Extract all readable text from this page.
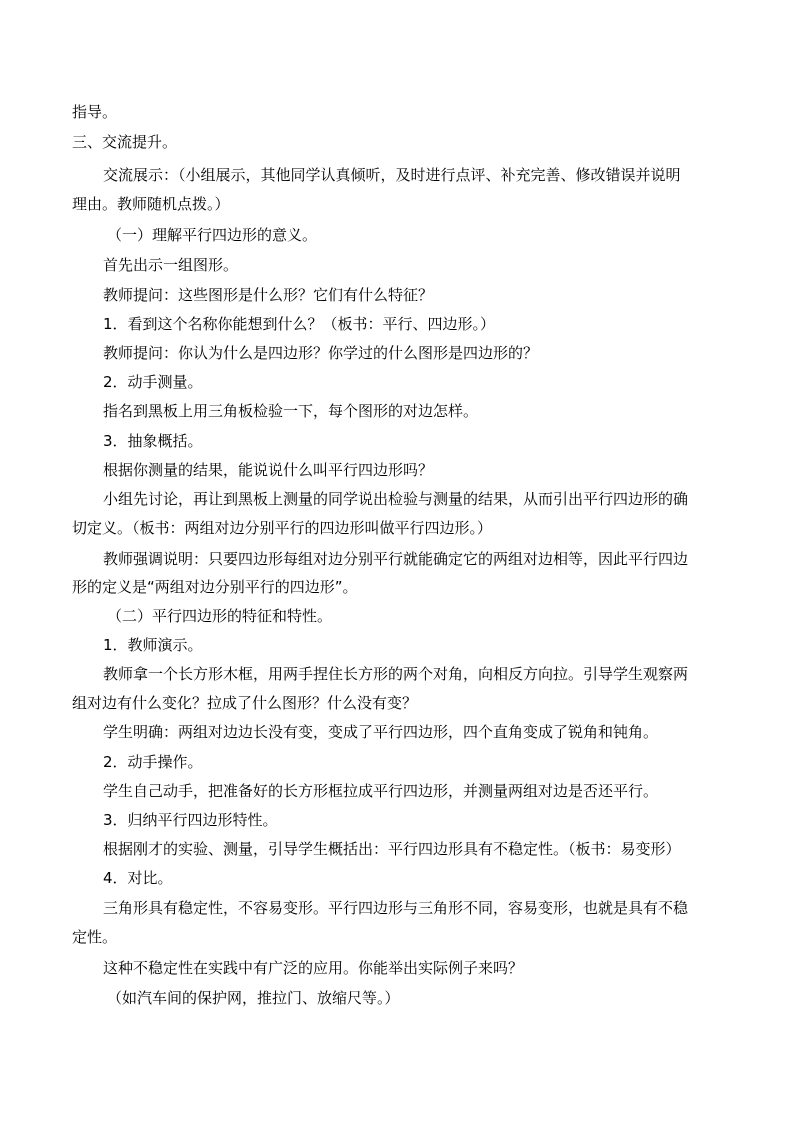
指导。
三、交流提升。
交流展示：（小组展示，其他同学认真倾听，及时进行点评、补充完善、修改错误并说明
理由。教师随机点拨。）
（一）理解平行四边形的意义。
首先出示一组图形。
教师提问：这些图形是什么形？它们有什么特征？
1．看到这个名称你能想到什么？（板书：平行、四边形。）
教师提问：你认为什么是四边形？你学过的什么图形是四边形的？
2．动手测量。
指名到黑板上用三角板检验一下，每个图形的对边怎样。
3．抽象概括。
根据你测量的结果，能说说什么叫平行四边形吗？
小组先讨论，再让到黑板上测量的同学说出检验与测量的结果，从而引出平行四边形的确
切定义。（板书：两组对边分别平行的四边形叫做平行四边形。）
教师强调说明：只要四边形每组对边分别平行就能确定它的两组对边相等，因此平行四边
形的定义是“两组对边分别平行的四边形”。
（二）平行四边形的特征和特性。
1．教师演示。
教师拿一个长方形木框，用两手捏住长方形的两个对角，向相反方向拉。引导学生观察两
组对边有什么变化？拉成了什么图形？什么没有变？
学生明确：两组对边边长没有变，变成了平行四边形，四个直角变成了锐角和钝角。
2．动手操作。
学生自己动手，把准备好的长方形框拉成平行四边形，并测量两组对边是否还平行。
3．归纳平行四边形特性。
根据刚才的实验、测量，引导学生概括出：平行四边形具有不稳定性。（板书：易变形）
4．对比。
三角形具有稳定性，不容易变形。平行四边形与三角形不同，容易变形，也就是具有不稳
定性。
这种不稳定性在实践中有广泛的应用。你能举出实际例子来吗？
（如汽车间的保护网，推拉门、放缩尺等。）
